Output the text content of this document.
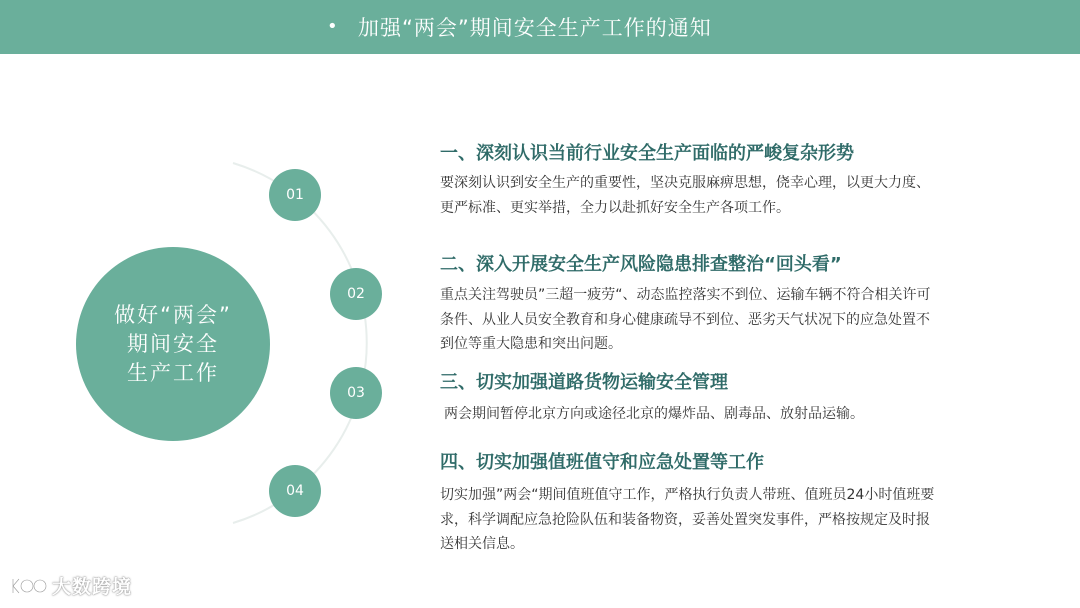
• 加强“两会”期间安全生产工作的通知
做好“两会”
期间安全
生产工作
01
02
03
04
一、深刻认识当前行业安全生产面临的严峻复杂形势
要深刻认识到安全生产的重要性，坚决克服麻痹思想，侥幸心理，以更大力度、
更严标准、更实举措，全力以赴抓好安全生产各项工作。
二、深入开展安全生产风险隐患排查整治“回头看”
重点关注驾驶员”三超一疲劳“、动态监控落实不到位、运输车辆不符合相关许可
条件、从业人员安全教育和身心健康疏导不到位、恶劣天气状况下的应急处置不
到位等重大隐患和突出问题。
三、切实加强道路货物运输安全管理
两会期间暂停北京方向或途径北京的爆炸品、剧毒品、放射品运输。
四、切实加强值班值守和应急处置等工作
切实加强”两会“期间值班值守工作，严格执行负责人带班、值班员24小时值班要
求，科学调配应急抢险队伍和装备物资，妥善处置突发事件，严格按规定及时报
送相关信息。
大数跨境
